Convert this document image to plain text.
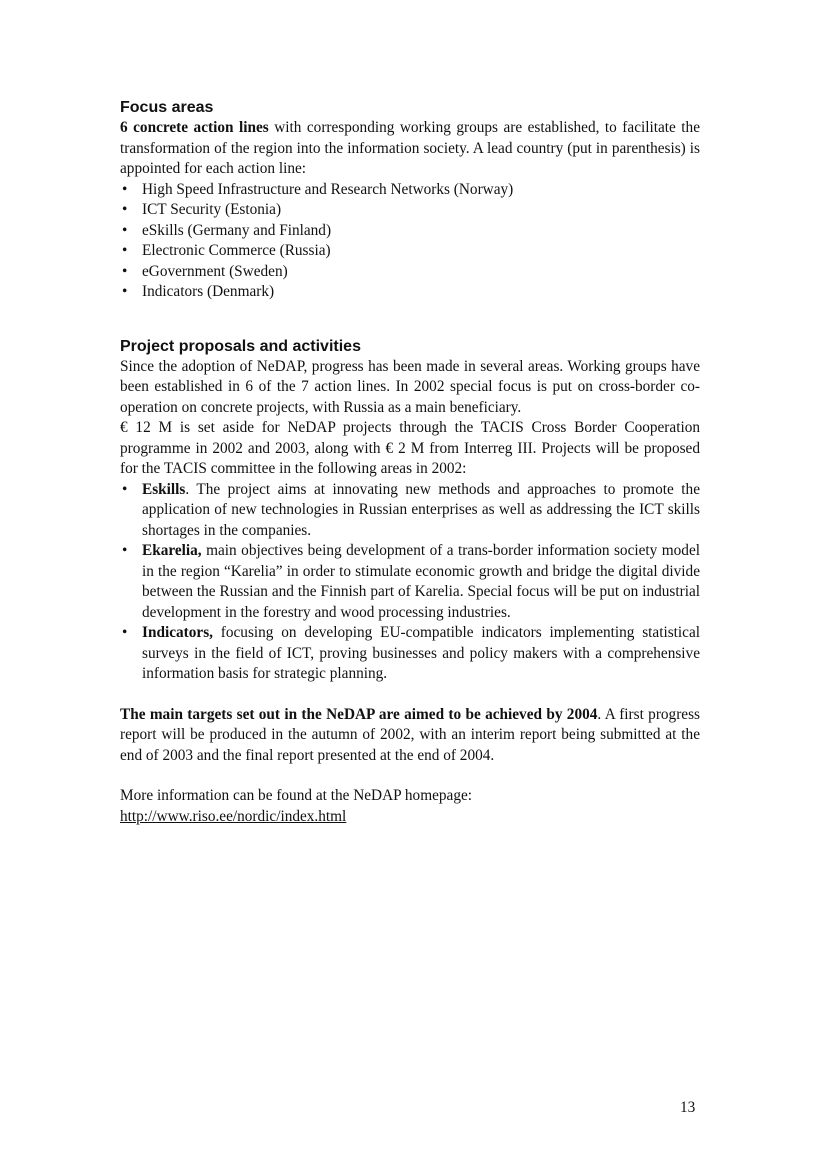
Focus areas

6 concrete action lines with corresponding working groups are established, to facilitate the transformation of the region into the information society. A lead country (put in parenthesis) is appointed for each action line:

• High Speed Infrastructure and Research Networks (Norway)
• ICT Security (Estonia)
• eSkills (Germany and Finland)
• Electronic Commerce (Russia)
• eGovernment (Sweden)
• Indicators (Denmark)
Project proposals and activities

Since the adoption of NeDAP, progress has been made in several areas. Working groups have been established in 6 of the 7 action lines. In 2002 special focus is put on cross-border co-operation on concrete projects, with Russia as a main beneficiary.

€ 12 M is set aside for NeDAP projects through the TACIS Cross Border Cooperation programme in 2002 and 2003, along with € 2 M from Interreg III. Projects will be proposed for the TACIS committee in the following areas in 2002:

• Eskills. The project aims at innovating new methods and approaches to promote the application of new technologies in Russian enterprises as well as addressing the ICT skills shortages in the companies.
• Ekarelia, main objectives being development of a trans-border information society model in the region “Karelia” in order to stimulate economic growth and bridge the digital divide between the Russian and the Finnish part of Karelia. Special focus will be put on industrial development in the forestry and wood processing industries.
• Indicators, focusing on developing EU-compatible indicators implementing statistical surveys in the field of ICT, proving businesses and policy makers with a comprehensive information basis for strategic planning.

The main targets set out in the NeDAP are aimed to be achieved by 2004. A first progress report will be produced in the autumn of 2002, with an interim report being submitted at the end of 2003 and the final report presented at the end of 2004.

More information can be found at the NeDAP homepage:

http://www.riso.ee/nordic/index.html
13
